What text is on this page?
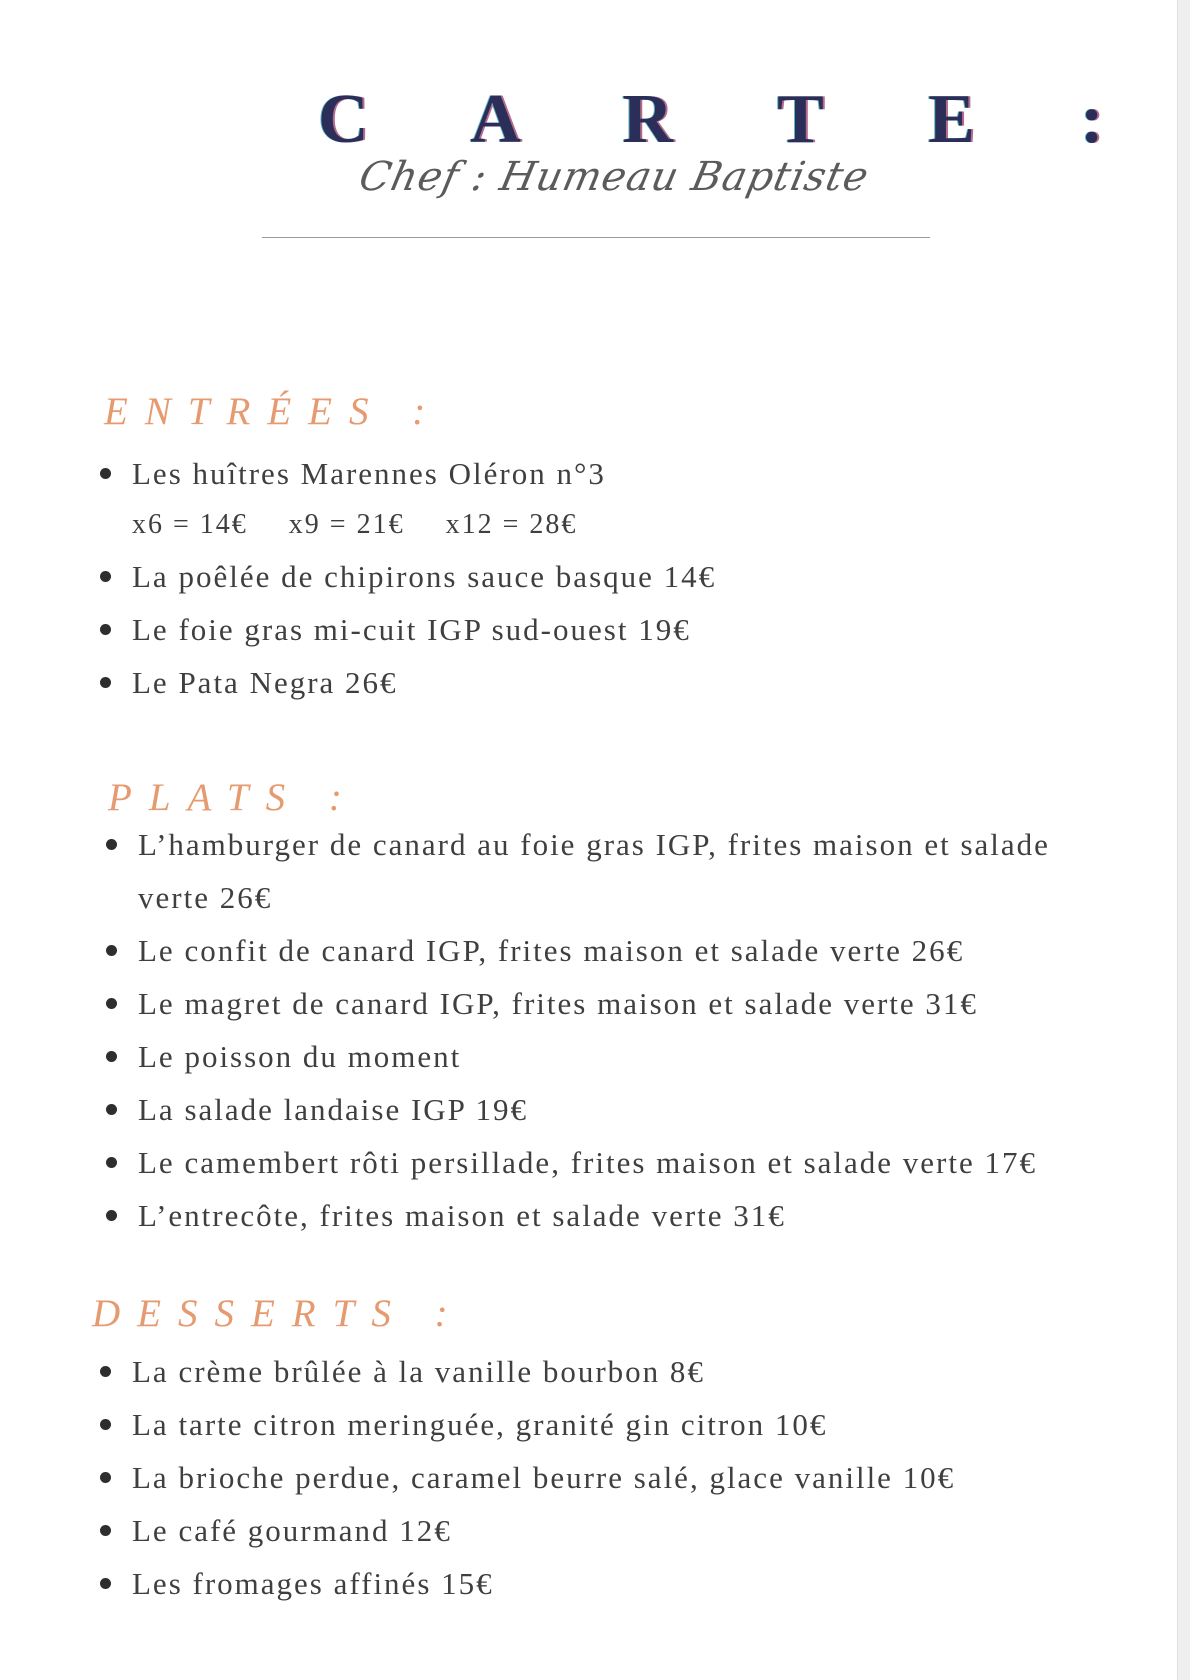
C A R T E :
Chef : Humeau Baptiste
ENTRÉES :
Les huîtres Marennes Oléron n°3
x6 = 14€ x9 = 21€ x12 = 28€
La poêlée de chipirons sauce basque 14€
Le foie gras mi-cuit IGP sud-ouest 19€
Le Pata Negra 26€
PLATS :
L’hamburger de canard au foie gras IGP, frites maison et salade
verte 26€
Le confit de canard IGP, frites maison et salade verte 26€
Le magret de canard IGP, frites maison et salade verte 31€
Le poisson du moment
La salade landaise IGP 19€
Le camembert rôti persillade, frites maison et salade verte 17€
L’entrecôte, frites maison et salade verte 31€
DESSERTS :
La crème brûlée à la vanille bourbon 8€
La tarte citron meringuée, granité gin citron 10€
La brioche perdue, caramel beurre salé, glace vanille 10€
Le café gourmand 12€
Les fromages affinés 15€
